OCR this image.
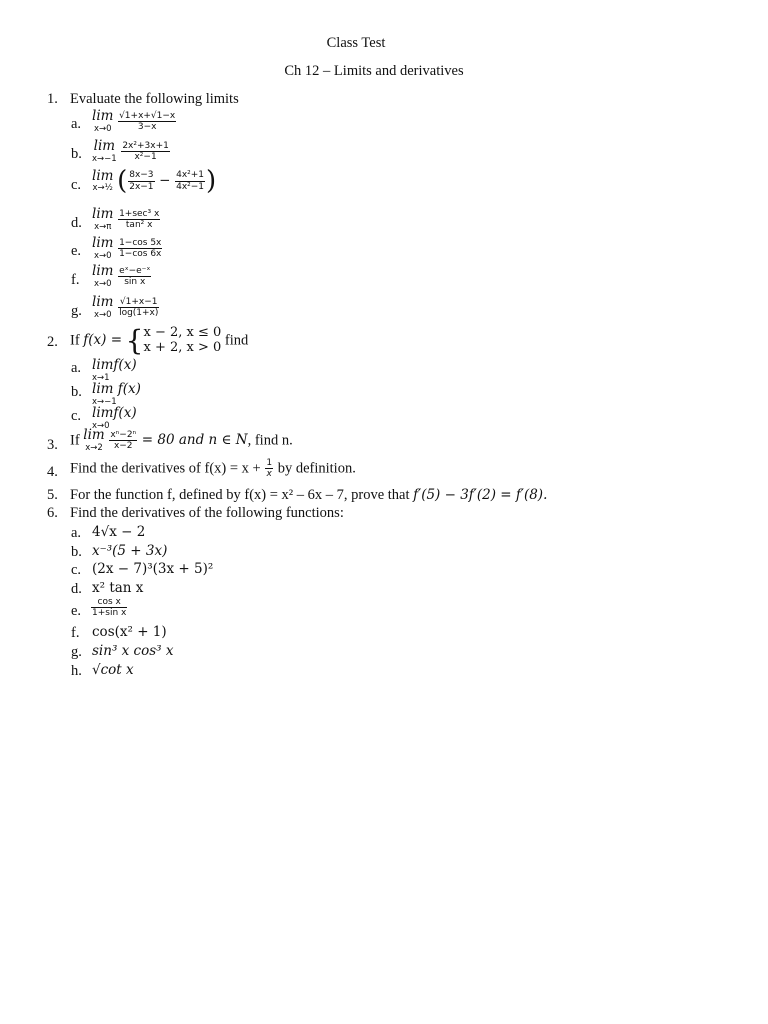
Class Test
Ch 12 – Limits and derivatives
1. Evaluate the following limits
a. lim
x→0
$\frac{√1+x+√1-x}{3-x}$
b. lim
x→−1
$\frac{\text{2x²+3x+1}}{\text{x²−1}}$
c.
lim
x→½ ( $\frac{8x-3}{2x-1} - \frac{\text{4x²+1}}{\text{4x²−1}}$ )
d.
lim
x→π
$\frac{\text{1+sec³ x}}{\text{tan² x}}$
e. lim
x→0
$\frac{1-\cos 5x}{1-\cos 6x}$
f.
lim
x→0
$\frac{\text{eˣ−e⁻ˣ}}{\text{sin x}}$
g.
lim
x→0
$\frac{√1+x-1}{\log(1+x)}$
2. If f(x) = { x − 2, x ≤ 0
x + 2, x > 0 find
a. limf(x)
x→1
b. lim f(x)
x→−1
c. limf(x)
x→0
3. If lim
x→2
$\frac{\text{xⁿ−2ⁿ}}{x-2} = 80$ and n ∈ N, find n.
4. Find the derivatives of $f(x) = x + \frac{1}{x}$ by definition.
5. For the function f, defined by f(x) = x² – 6x – 7, prove that f′(5) − 3f′(2) = f′(8).
6. Find the derivatives of the following functions:
a. 4√x − 2
b. x⁻³(5 + 3x)
c. (2x − 7)³(3x + 5)²
d. x² tan x
e. $\frac{\text{cos x}}{\text{1+sin x}}$
f. cos(x² + 1)
g. sin³ x cos³ x
h. √cot x
